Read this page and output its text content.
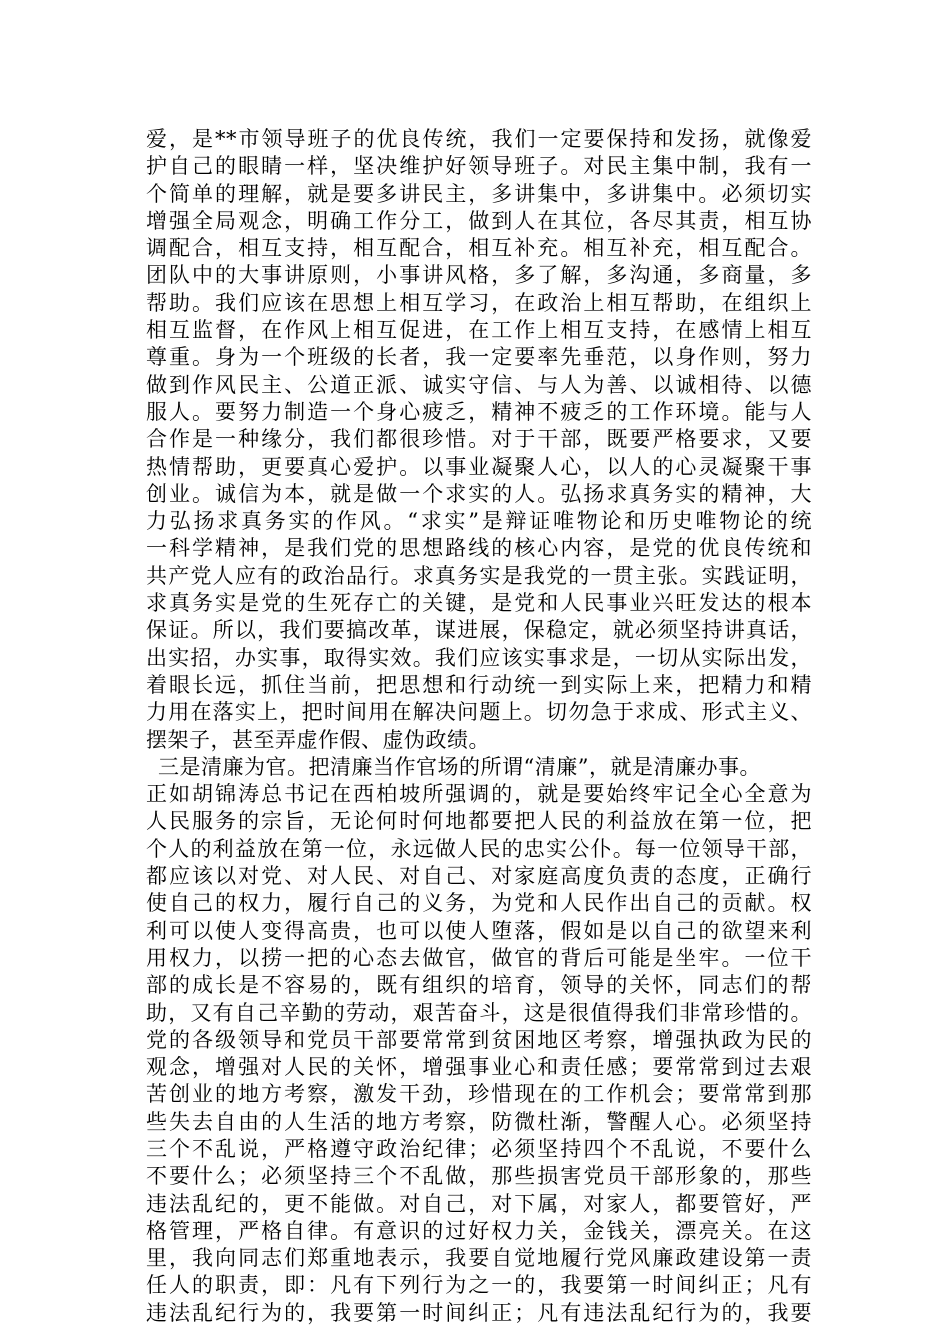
爱，是**市领导班子的优良传统，我们一定要保持和发扬，就像爱
护自己的眼睛一样，坚决维护好领导班子。对民主集中制，我有一
个简单的理解，就是要多讲民主，多讲集中，多讲集中。必须切实
增强全局观念，明确工作分工，做到人在其位，各尽其责，相互协
调配合，相互支持，相互配合，相互补充。相互补充，相互配合。
团队中的大事讲原则，小事讲风格，多了解，多沟通，多商量，多
帮助。我们应该在思想上相互学习，在政治上相互帮助，在组织上
相互监督，在作风上相互促进，在工作上相互支持，在感情上相互
尊重。身为一个班级的长者，我一定要率先垂范，以身作则，努力
做到作风民主、公道正派、诚实守信、与人为善、以诚相待、以德
服人。要努力制造一个身心疲乏，精神不疲乏的工作环境。能与人
合作是一种缘分，我们都很珍惜。对于干部，既要严格要求，又要
热情帮助，更要真心爱护。以事业凝聚人心，以人的心灵凝聚干事
创业。诚信为本，就是做一个求实的人。弘扬求真务实的精神，大
力弘扬求真务实的作风。“求实”是辩证唯物论和历史唯物论的统
一科学精神，是我们党的思想路线的核心内容，是党的优良传统和
共产党人应有的政治品行。求真务实是我党的一贯主张。实践证明，
求真务实是党的生死存亡的关键，是党和人民事业兴旺发达的根本
保证。所以，我们要搞改革，谋进展，保稳定，就必须坚持讲真话，
出实招，办实事，取得实效。我们应该实事求是，一切从实际出发，
着眼长远，抓住当前，把思想和行动统一到实际上来，把精力和精
力用在落实上，把时间用在解决问题上。切勿急于求成、形式主义、
摆架子，甚至弄虚作假、虚伪政绩。
三是清廉为官。把清廉当作官场的所谓“清廉”，就是清廉办事。
正如胡锦涛总书记在西柏坡所强调的，就是要始终牢记全心全意为
人民服务的宗旨，无论何时何地都要把人民的利益放在第一位，把
个人的利益放在第一位，永远做人民的忠实公仆。每一位领导干部，
都应该以对党、对人民、对自己、对家庭高度负责的态度，正确行
使自己的权力，履行自己的义务，为党和人民作出自己的贡献。权
利可以使人变得高贵，也可以使人堕落，假如是以自己的欲望来利
用权力，以捞一把的心态去做官，做官的背后可能是坐牢。一位干
部的成长是不容易的，既有组织的培育，领导的关怀，同志们的帮
助，又有自己辛勤的劳动，艰苦奋斗，这是很值得我们非常珍惜的。
党的各级领导和党员干部要常常到贫困地区考察，增强执政为民的
观念，增强对人民的关怀，增强事业心和责任感；要常常到过去艰
苦创业的地方考察，激发干劲，珍惜现在的工作机会；要常常到那
些失去自由的人生活的地方考察，防微杜渐，警醒人心。必须坚持
三个不乱说，严格遵守政治纪律；必须坚持四个不乱说，不要什么
不要什么；必须坚持三个不乱做，那些损害党员干部形象的，那些
违法乱纪的，更不能做。对自己，对下属，对家人，都要管好，严
格管理，严格自律。有意识的过好权力关，金钱关，漂亮关。在这
里，我向同志们郑重地表示，我要自觉地履行党风廉政建设第一责
任人的职责，即：凡有下列行为之一的，我要第一时间纠正；凡有
违法乱纪行为的，我要第一时间纠正；凡有违法乱纪行为的，我要
